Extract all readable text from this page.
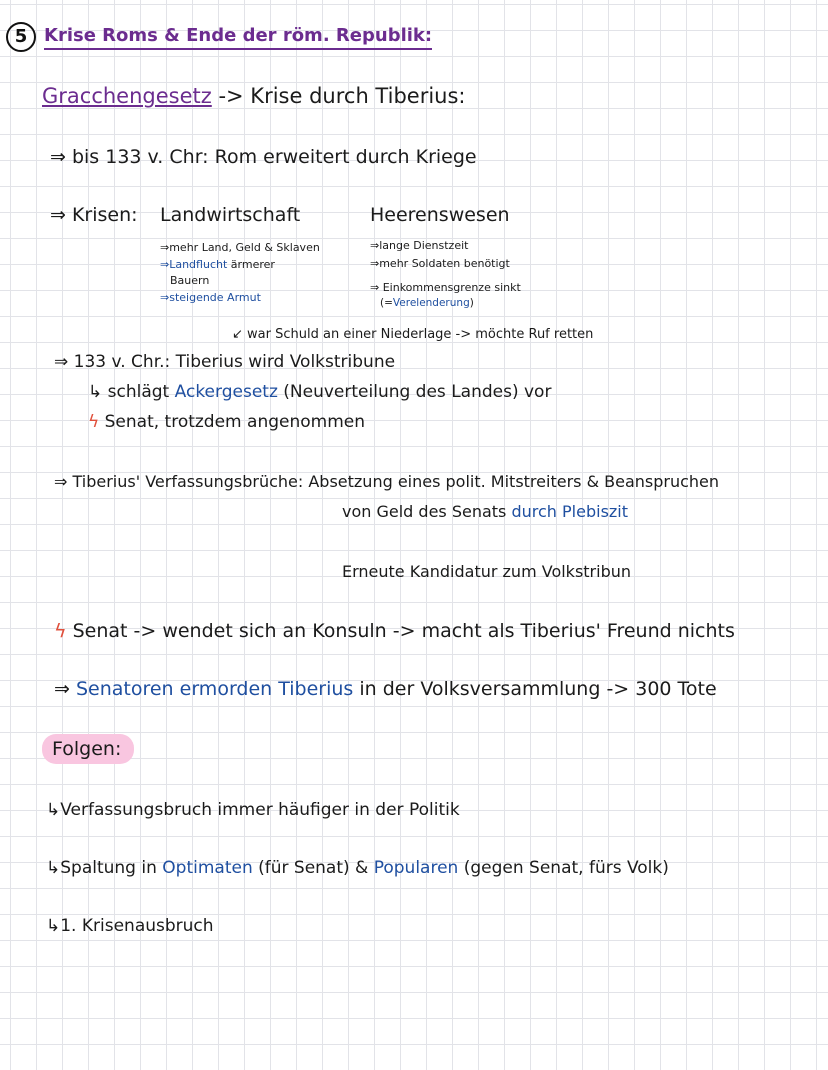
5 Krise Roms & Ende der röm. Republik:
Gracchengesetz -> Krise durch Tiberius:
⇒ bis 133 v. Chr: Rom erweitert durch Kriege
⇒ Krisen: Landwirtschaft	Heerenswesen
⇒mehr Land, Geld & Sklaven
⇒Landflucht ärmerer
Bauern
⇒steigende Armut
⇒lange Dienstzeit
⇒mehr Soldaten benötigt
⇒ Einkommensgrenze sinkt
(=Verelenderung)
↙ war Schuld an einer Niederlage -> möchte Ruf retten
⇒ 133 v. Chr.: Tiberius wird Volkstribune
↳ schlägt Ackergesetz (Neuverteilung des Landes) vor
ϟ Senat, trotzdem angenommen
⇒ Tiberius' Verfassungsbrüche: Absetzung eines polit. Mitstreiters & Beanspruchen
von Geld des Senats durch Plebiszit
Erneute Kandidatur zum Volkstribun
ϟ Senat -> wendet sich an Konsuln -> macht als Tiberius' Freund nichts
⇒ Senatoren ermorden Tiberius in der Volksversammlung -> 300 Tote
Folgen:
↳Verfassungsbruch immer häufiger in der Politik
↳Spaltung in Optimaten (für Senat) & Popularen (gegen Senat, fürs Volk)
↳1. Krisenausbruch
